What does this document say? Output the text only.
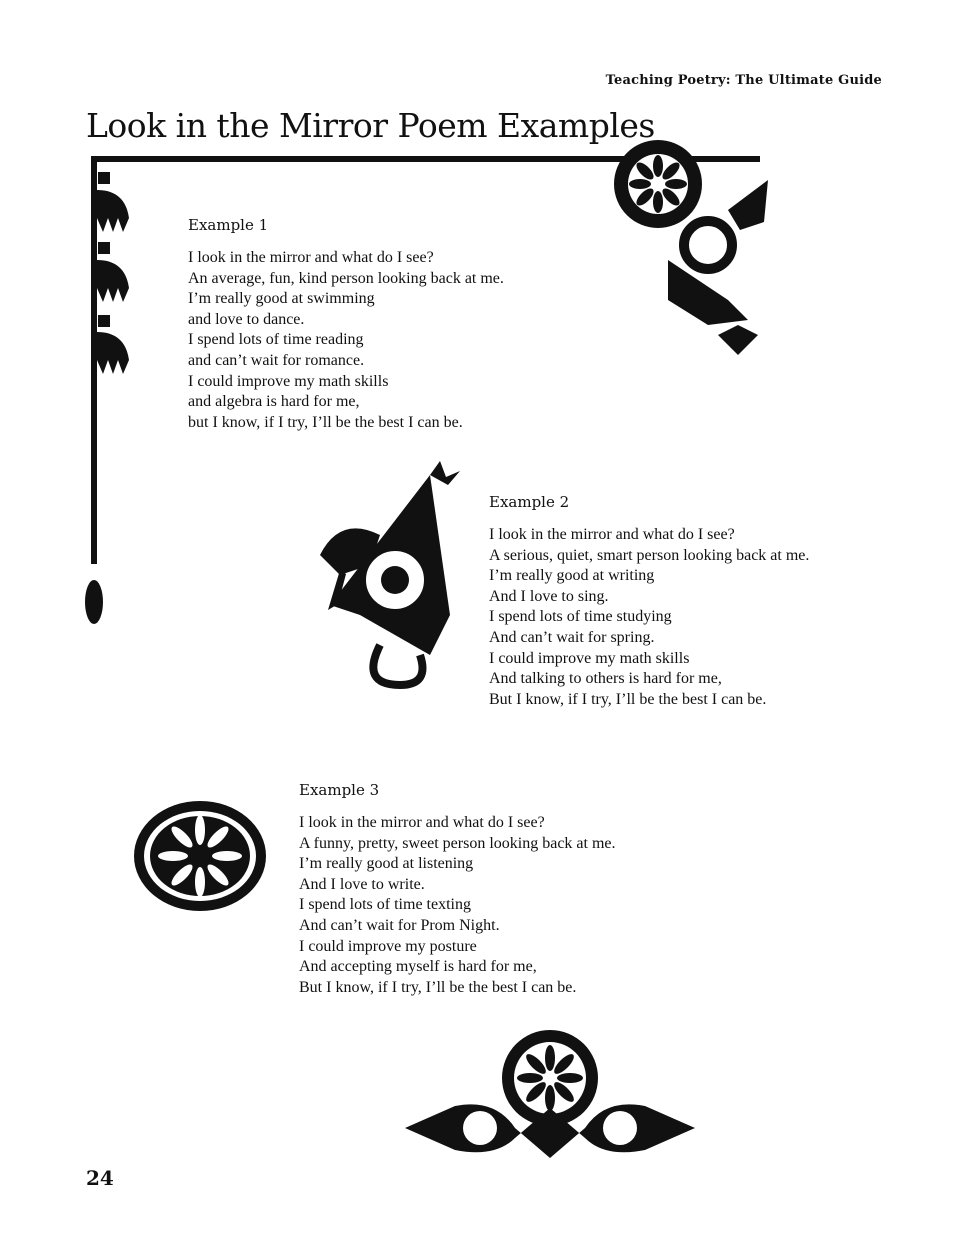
Teaching Poetry: The Ultimate Guide
Look in the Mirror Poem Examples
Example 1
I look in the mirror and what do I see?
An average, fun, kind person looking back at me.
I’m really good at swimming
and love to dance.
I spend lots of time reading
and can’t wait for romance.
I could improve my math skills
and algebra is hard for me,
but I know, if I try, I’ll be the best I can be.
Example 2
I look in the mirror and what do I see?
A serious, quiet, smart person looking back at me.
I’m really good at writing
And I love to sing.
I spend lots of time studying
And can’t wait for spring.
I could improve my math skills
And talking to others is hard for me,
But I know, if I try, I’ll be the best I can be.
Example 3
I look in the mirror and what do I see?
A funny, pretty, sweet person looking back at me.
I’m really good at listening
And I love to write.
I spend lots of time texting
And can’t wait for Prom Night.
I could improve my posture
And accepting myself is hard for me,
But I know, if I try, I’ll be the best I can be.
24
